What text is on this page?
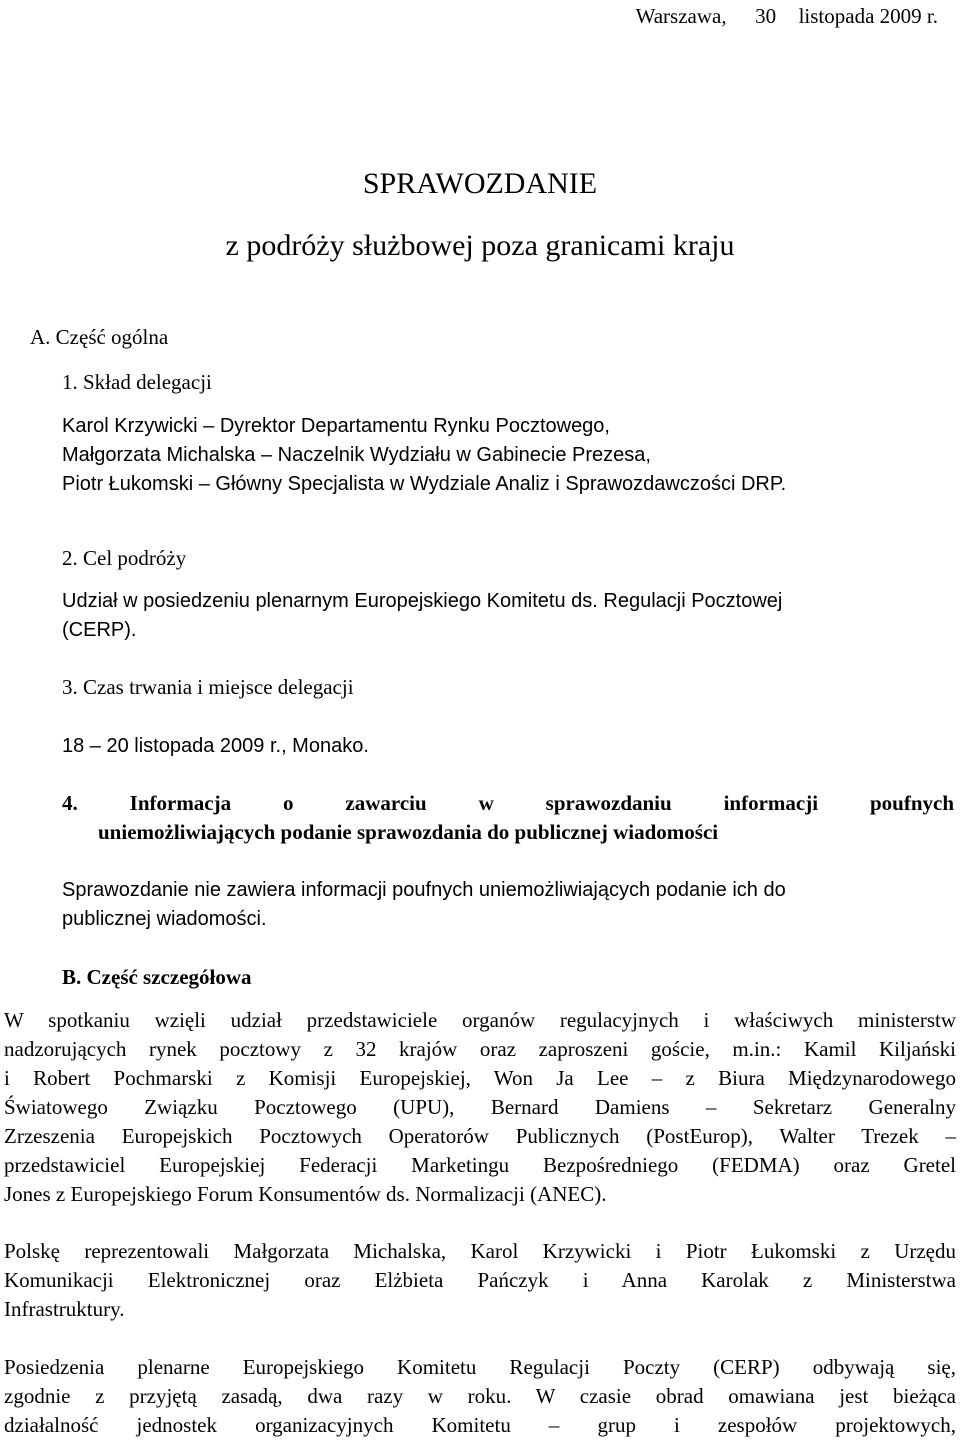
Warszawa, 30 listopada 2009 r.
SPRAWOZDANIE
z podróży służbowej poza granicami kraju
A. Część ogólna
1. Skład delegacji
Karol Krzywicki – Dyrektor Departamentu Rynku Pocztowego,
Małgorzata Michalska – Naczelnik Wydziału w Gabinecie Prezesa,
Piotr Łukomski – Główny Specjalista w Wydziale Analiz i Sprawozdawczości DRP.
2. Cel podróży
Udział w posiedzeniu plenarnym Europejskiego Komitetu ds. Regulacji Pocztowej
(CERP).
3. Czas trwania i miejsce delegacji
18 – 20 listopada 2009 r., Monako.
4. Informacja o zawarciu w sprawozdaniu informacji poufnych
uniemożliwiających podanie sprawozdania do publicznej wiadomości
Sprawozdanie nie zawiera informacji poufnych uniemożliwiających podanie ich do
publicznej wiadomości.
B. Część szczegółowa
W spotkaniu wzięli udział przedstawiciele organów regulacyjnych i właściwych ministerstw
nadzorujących rynek pocztowy z 32 krajów oraz zaproszeni goście, m.in.: Kamil Kiljański
i Robert Pochmarski z Komisji Europejskiej, Won Ja Lee – z Biura Międzynarodowego
Światowego Związku Pocztowego (UPU), Bernard Damiens – Sekretarz Generalny
Zrzeszenia Europejskich Pocztowych Operatorów Publicznych (PostEurop), Walter Trezek –
przedstawiciel Europejskiej Federacji Marketingu Bezpośredniego (FEDMA) oraz Gretel
Jones z Europejskiego Forum Konsumentów ds. Normalizacji (ANEC).
Polskę reprezentowali Małgorzata Michalska, Karol Krzywicki i Piotr Łukomski z Urzędu
Komunikacji Elektronicznej oraz Elżbieta Pańczyk i Anna Karolak z Ministerstwa
Infrastruktury.
Posiedzenia plenarne Europejskiego Komitetu Regulacji Poczty (CERP) odbywają się,
zgodnie z przyjętą zasadą, dwa razy w roku. W czasie obrad omawiana jest bieżąca
działalność jednostek organizacyjnych Komitetu – grup i zespołów projektowych,
